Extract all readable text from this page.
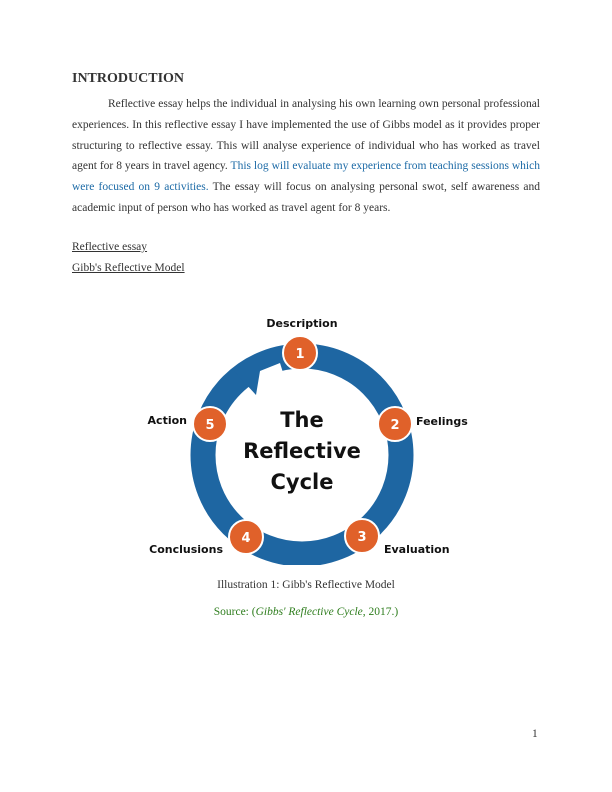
INTRODUCTION

Reflective essay helps the individual in analysing his own learning own personal professional experiences. In this reflective essay I have implemented the use of Gibbs model as it provides proper structuring to reflective essay. This will analyse experience of individual who has worked as travel agent for 8 years in travel agency. This log will evaluate my experience from teaching sessions which were focused on 9 activities. The essay will focus on analysing personal swot, self awareness and academic input of person who has worked as travel agent for 8 years.

Reflective essay
Gibb's Reflective Model
The
Reflective
Cycle
1
Description
2 Feelings
3
Evaluation
4
Conclusions
5
Action
Illustration 1: Gibb's Reflective Model
Source: (Gibbs' Reflective Cycle, 2017.)
1
